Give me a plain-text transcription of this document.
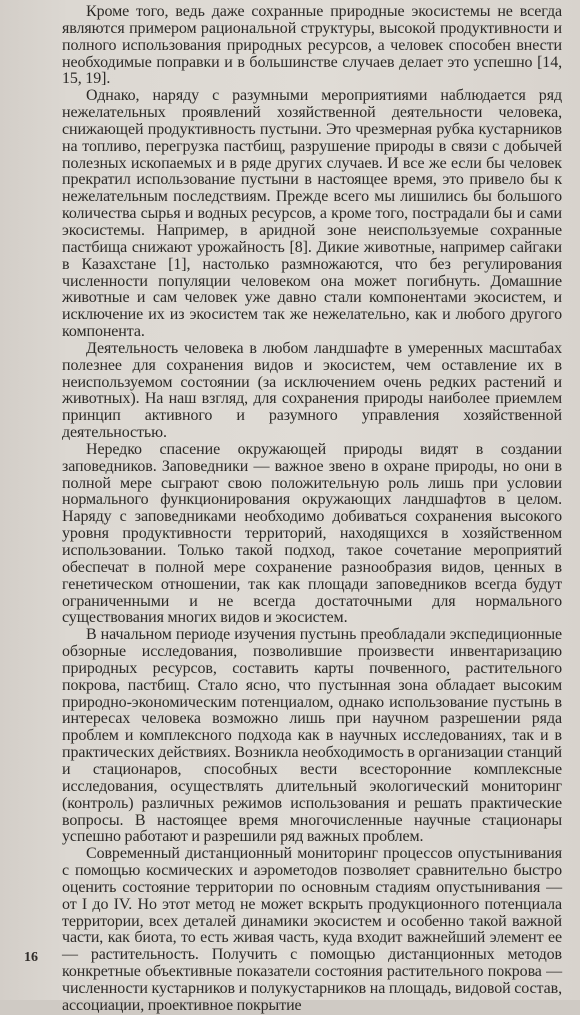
Кроме того, ведь даже сохранные природные экосистемы не всегда являются примером рациональной структуры, высокой продуктивности и полного использования природных ресурсов, а человек способен внести необходимые поправки и в большинстве случаев делает это успешно [14, 15, 19].

Однако, наряду с разумными мероприятиями наблюдается ряд нежелательных проявлений хозяйственной деятельности человека, снижающей продуктивность пустыни. Это чрезмерная рубка кустарников на топливо, перегрузка пастбищ, разрушение природы в связи с добычей полезных ископаемых и в ряде других случаев. И все же если бы человек прекратил использование пустыни в настоящее время, это привело бы к нежелательным последствиям. Прежде всего мы лишились бы большого количества сырья и водных ресурсов, а кроме того, пострадали бы и сами экосистемы. Например, в аридной зоне неиспользуемые сохранные пастбища снижают урожайность [8]. Дикие животные, например сайгаки в Казахстане [1], настолько размножаются, что без регулирования численности популяции человеком она может погибнуть. Домашние животные и сам человек уже давно стали компонентами экосистем, и исключение их из экосистем так же нежелательно, как и любого другого компонента.

Деятельность человека в любом ландшафте в умеренных масштабах полезнее для сохранения видов и экосистем, чем оставление их в неиспользуемом состоянии (за исключением очень редких растений и животных). На наш взгляд, для сохранения природы наиболее приемлем принцип активного и разумного управления хозяйственной деятельностью.

Нередко спасение окружающей природы видят в создании заповедников. Заповедники — важное звено в охране природы, но они в полной мере сыграют свою положительную роль лишь при условии нормального функционирования окружающих ландшафтов в целом. Наряду с заповедниками необходимо добиваться сохранения высокого уровня продуктивности территорий, находящихся в хозяйственном использовании. Только такой подход, такое сочетание мероприятий обеспечат в полной мере сохранение разнообразия видов, ценных в генетическом отношении, так как площади заповедников всегда будут ограниченными и не всегда достаточными для нормального существования многих видов и экосистем.

В начальном периоде изучения пустынь преобладали экспедиционные обзорные исследования, позволившие произвести инвентаризацию природных ресурсов, составить карты почвенного, растительного покрова, пастбищ. Стало ясно, что пустынная зона обладает высоким природно-экономическим потенциалом, однако использование пустынь в интересах человека возможно лишь при научном разрешении ряда проблем и комплексного подхода как в научных исследованиях, так и в практических действиях. Возникла необходимость в организации станций и стационаров, способных вести всесторонние комплексные исследования, осуществлять длительный экологический мониторинг (контроль) различных режимов использования и решать практические вопросы. В настоящее время многочисленные научные стационары успешно работают и разрешили ряд важных проблем.

Современный дистанционный мониторинг процессов опустынивания с помощью космических и аэрометодов позволяет сравнительно быстро оценить состояние территории по основным стадиям опустынивания — от I до IV. Но этот метод не может вскрыть продукционного потенциала территории, всех деталей динамики экосистем и особенно такой важной части, как биота, то есть живая часть, куда входит важнейший элемент ее — растительность. Получить с помощью дистанционных методов конкретные объективные показатели состояния растительного покрова — численности кустарников и полукустарников на площадь, видовой состав, ассоциации, проективное покрытие

16
